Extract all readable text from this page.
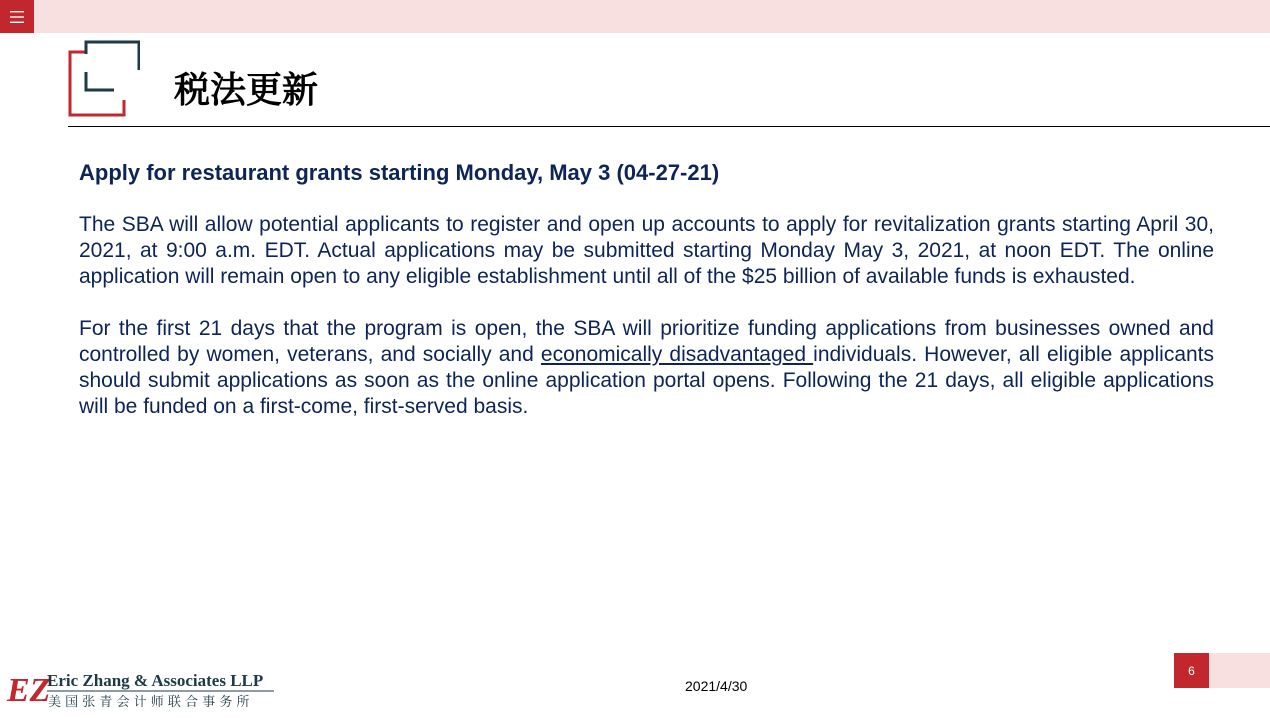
税法更新

Apply for restaurant grants starting Monday, May 3 (04-27-21)

The SBA will allow potential applicants to register and open up accounts to apply for revitalization grants starting April 30, 2021, at 9:00 a.m. EDT. Actual applications may be submitted starting Monday May 3, 2021, at noon EDT. The online application will remain open to any eligible establishment until all of the $25 billion of available funds is exhausted.

For the first 21 days that the program is open, the SBA will prioritize funding applications from businesses owned and controlled by women, veterans, and socially and economically disadvantaged individuals. However, all eligible applicants should submit applications as soon as the online application portal opens. Following the 21 days, all eligible applications will be funded on a first-come, first-served basis.

EZ
Eric Zhang & Associates LLP
美 国 张 青 会 计 师 联 合 事 务 所
2021/4/30
6
